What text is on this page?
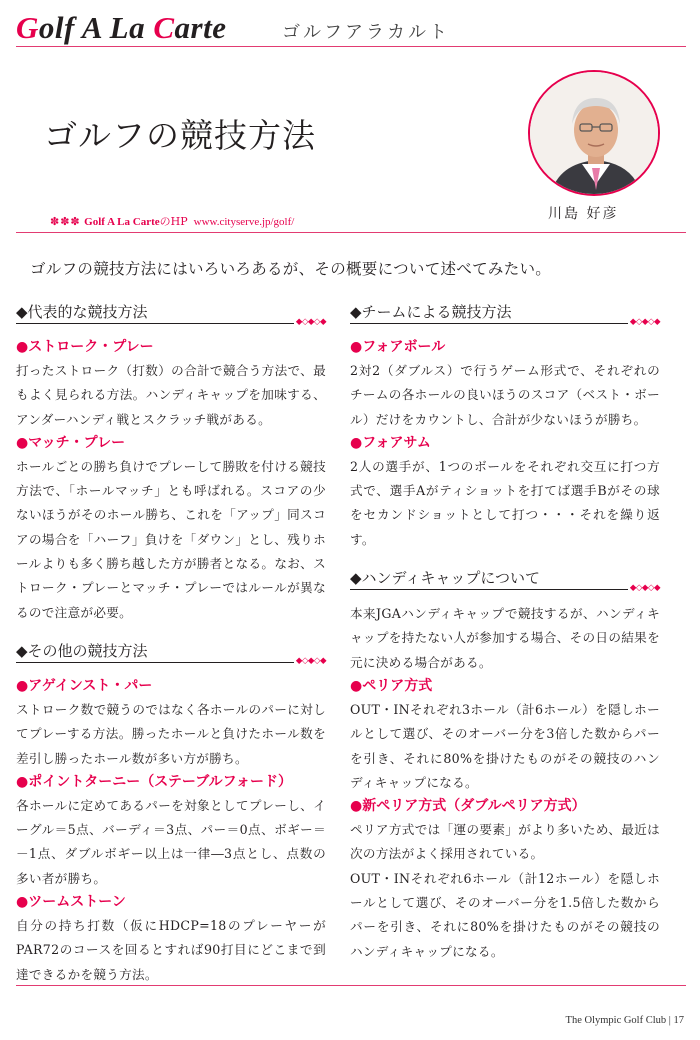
Golf A La Carte	ゴルフアラカルト
ゴルフの競技方法
✽✽✽ Golf A La CarteのHP www.cityserve.jp/golf/	川島 好彦
ゴルフの競技方法にはいろいろあるが、その概要について述べてみたい。
◆代表的な競技方法
◆◇◆◇◆
●ストローク・プレー
打ったストローク（打数）の合計で競合う方法で、最もよく見られる方法。ハンディキャップを加味する、アンダーハンディ戦とスクラッチ戦がある。
●マッチ・プレー
ホールごとの勝ち負けでプレーして勝敗を付ける競技方法で、「ホールマッチ」とも呼ばれる。スコアの少ないほうがそのホール勝ち、これを「アップ」同スコアの場合を「ハーフ」負けを「ダウン」とし、残りホールよりも多く勝ち越した方が勝者となる。なお、ストローク・プレーとマッチ・プレーではルールが異なるので注意が必要。
◆その他の競技方法
◆◇◆◇◆
●アゲインスト・パー
ストローク数で競うのではなく各ホールのパーに対してプレーする方法。勝ったホールと負けたホール数を差引し勝ったホール数が多い方が勝ち。
●ポイントターニー（ステーブルフォード）
各ホールに定めてあるパーを対象としてプレーし、イーグル＝5点、バーディ＝3点、パー＝0点、ボギー＝－1点、ダブルボギー以上は一律―3点とし、点数の多い者が勝ち。
●ツームストーン
自分の持ち打数（仮にHDCP=18のプレーヤーがPAR72のコースを回るとすれば90打目にどこまで到達できるかを競う方法。
◆チームによる競技方法
◆◇◆◇◆
●フォアボール
2対2（ダブルス）で行うゲーム形式で、それぞれのチームの各ホールの良いほうのスコア（ベスト・ボール）だけをカウントし、合計が少ないほうが勝ち。
●フォアサム
2人の選手が、1つのボールをそれぞれ交互に打つ方式で、選手Aがティショットを打てば選手Bがその球をセカンドショットとして打つ・・・それを繰り返す。
◆ハンディキャップについて
◆◇◆◇◆
本来JGAハンディキャップで競技するが、ハンディキャップを持たない人が参加する場合、その日の結果を元に決める場合がある。
●ペリア方式
OUT・INそれぞれ3ホール（計6ホール）を隠しホールとして選び、そのオーバー分を3倍した数からパーを引き、それに80%を掛けたものがその競技のハンディキャップになる。
●新ペリア方式（ダブルペリア方式）
ペリア方式では「運の要素」がより多いため、最近は次の方法がよく採用されている。
OUT・INそれぞれ6ホール（計12ホール）を隠しホールとして選び、そのオーバー分を1.5倍した数からパーを引き、それに80%を掛けたものがその競技のハンディキャップになる。
The Olympic Golf Club | 17
